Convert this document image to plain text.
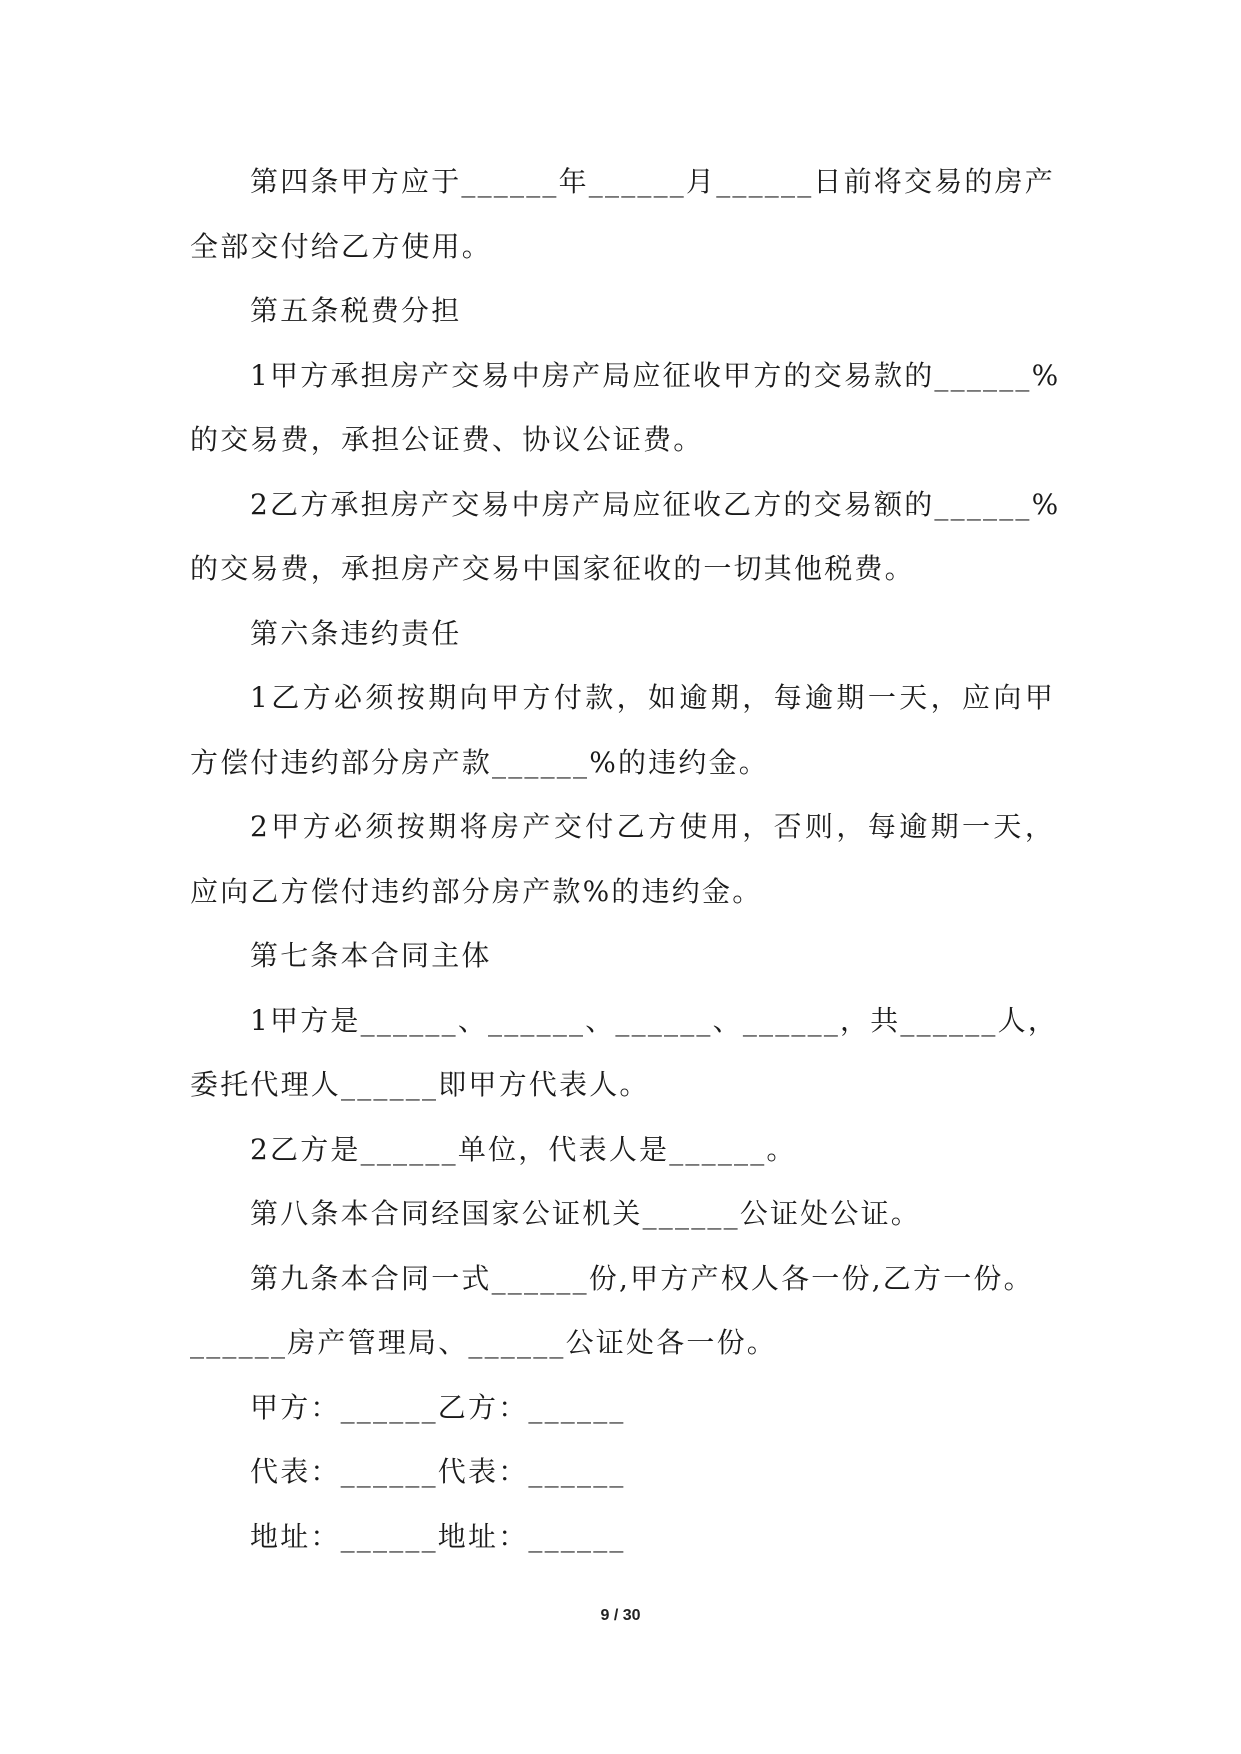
第四条甲方应于______年______月______日前将交易的房产
全部交付给乙方使用。
第五条税费分担
1甲方承担房产交易中房产局应征收甲方的交易款的______%
的交易费，承担公证费、协议公证费。
2乙方承担房产交易中房产局应征收乙方的交易额的______%
的交易费，承担房产交易中国家征收的一切其他税费。
第六条违约责任
1乙方必须按期向甲方付款，如逾期，每逾期一天，应向甲
方偿付违约部分房产款______%的违约金。
2甲方必须按期将房产交付乙方使用，否则，每逾期一天，
应向乙方偿付违约部分房产款%的违约金。
第七条本合同主体
1甲方是______、______、______、______，共______人，
委托代理人______即甲方代表人。
2乙方是______单位，代表人是______。
第八条本合同经国家公证机关______公证处公证。
第九条本合同一式______份,甲方产权人各一份,乙方一份。
______房产管理局、______公证处各一份。
甲方：______乙方：______
代表：______代表：______
地址：______地址：______
9 / 30
